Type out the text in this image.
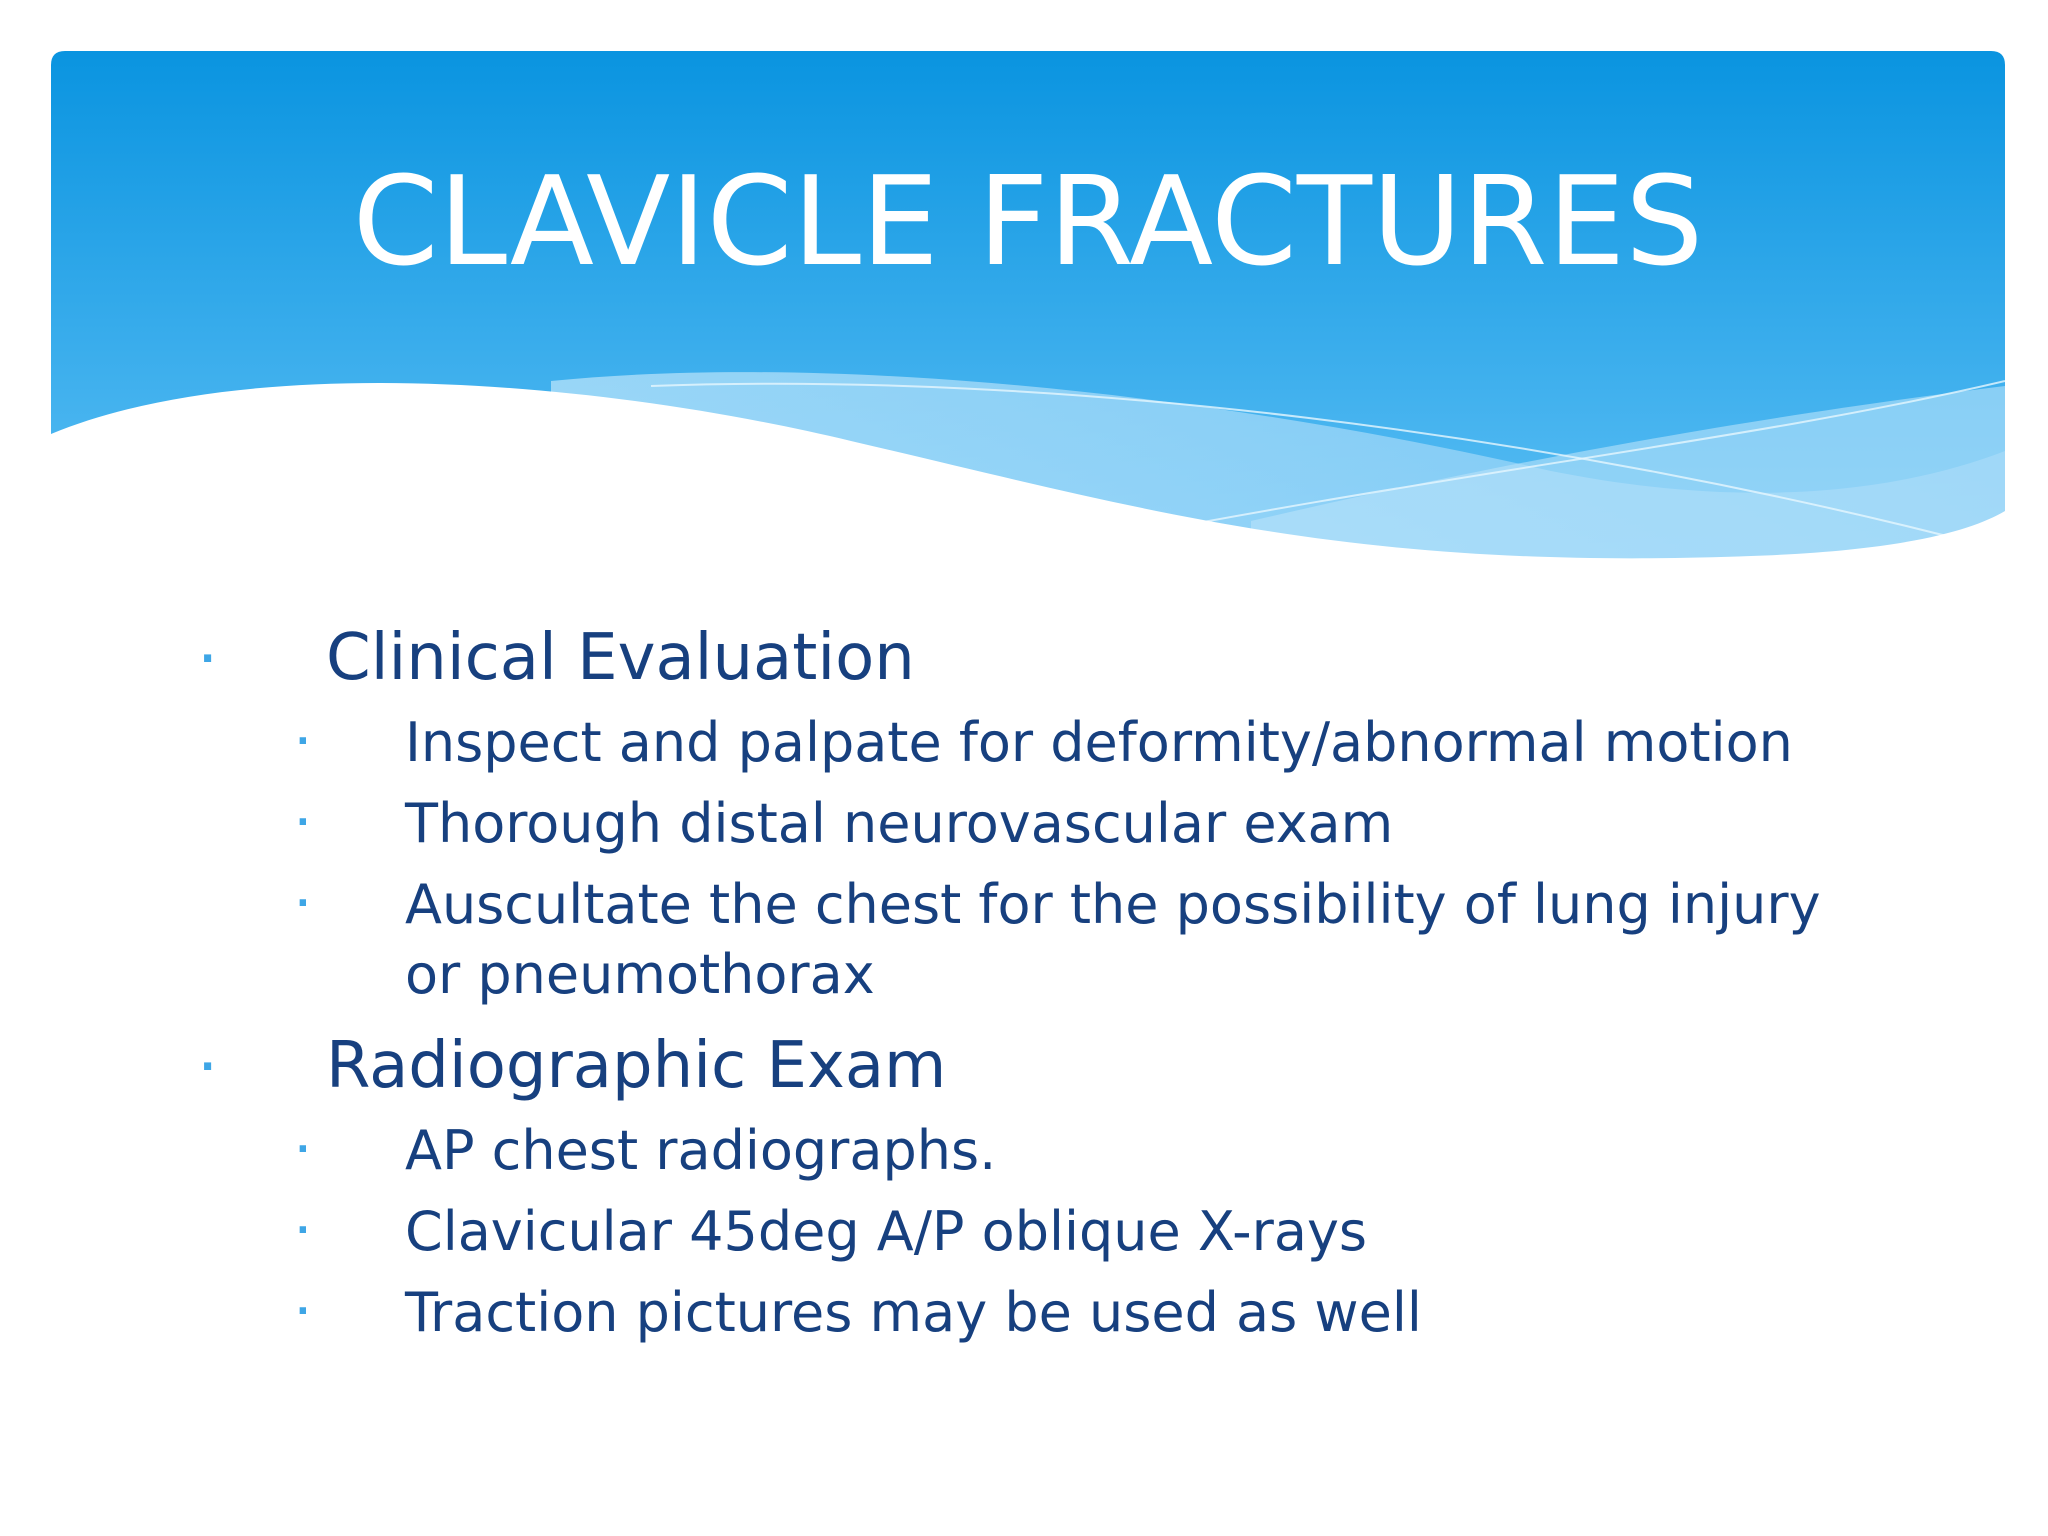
CLAVICLE FRACTURES
. Clinical Evaluation
. Inspect and palpate for deformity/abnormal motion
. Thorough distal neurovascular exam
. Auscultate the chest for the possibility of lung injury
or pneumothorax
. Radiographic Exam
. AP chest radiographs.
. Clavicular 45deg A/P oblique X-rays
. Traction pictures may be used as well
